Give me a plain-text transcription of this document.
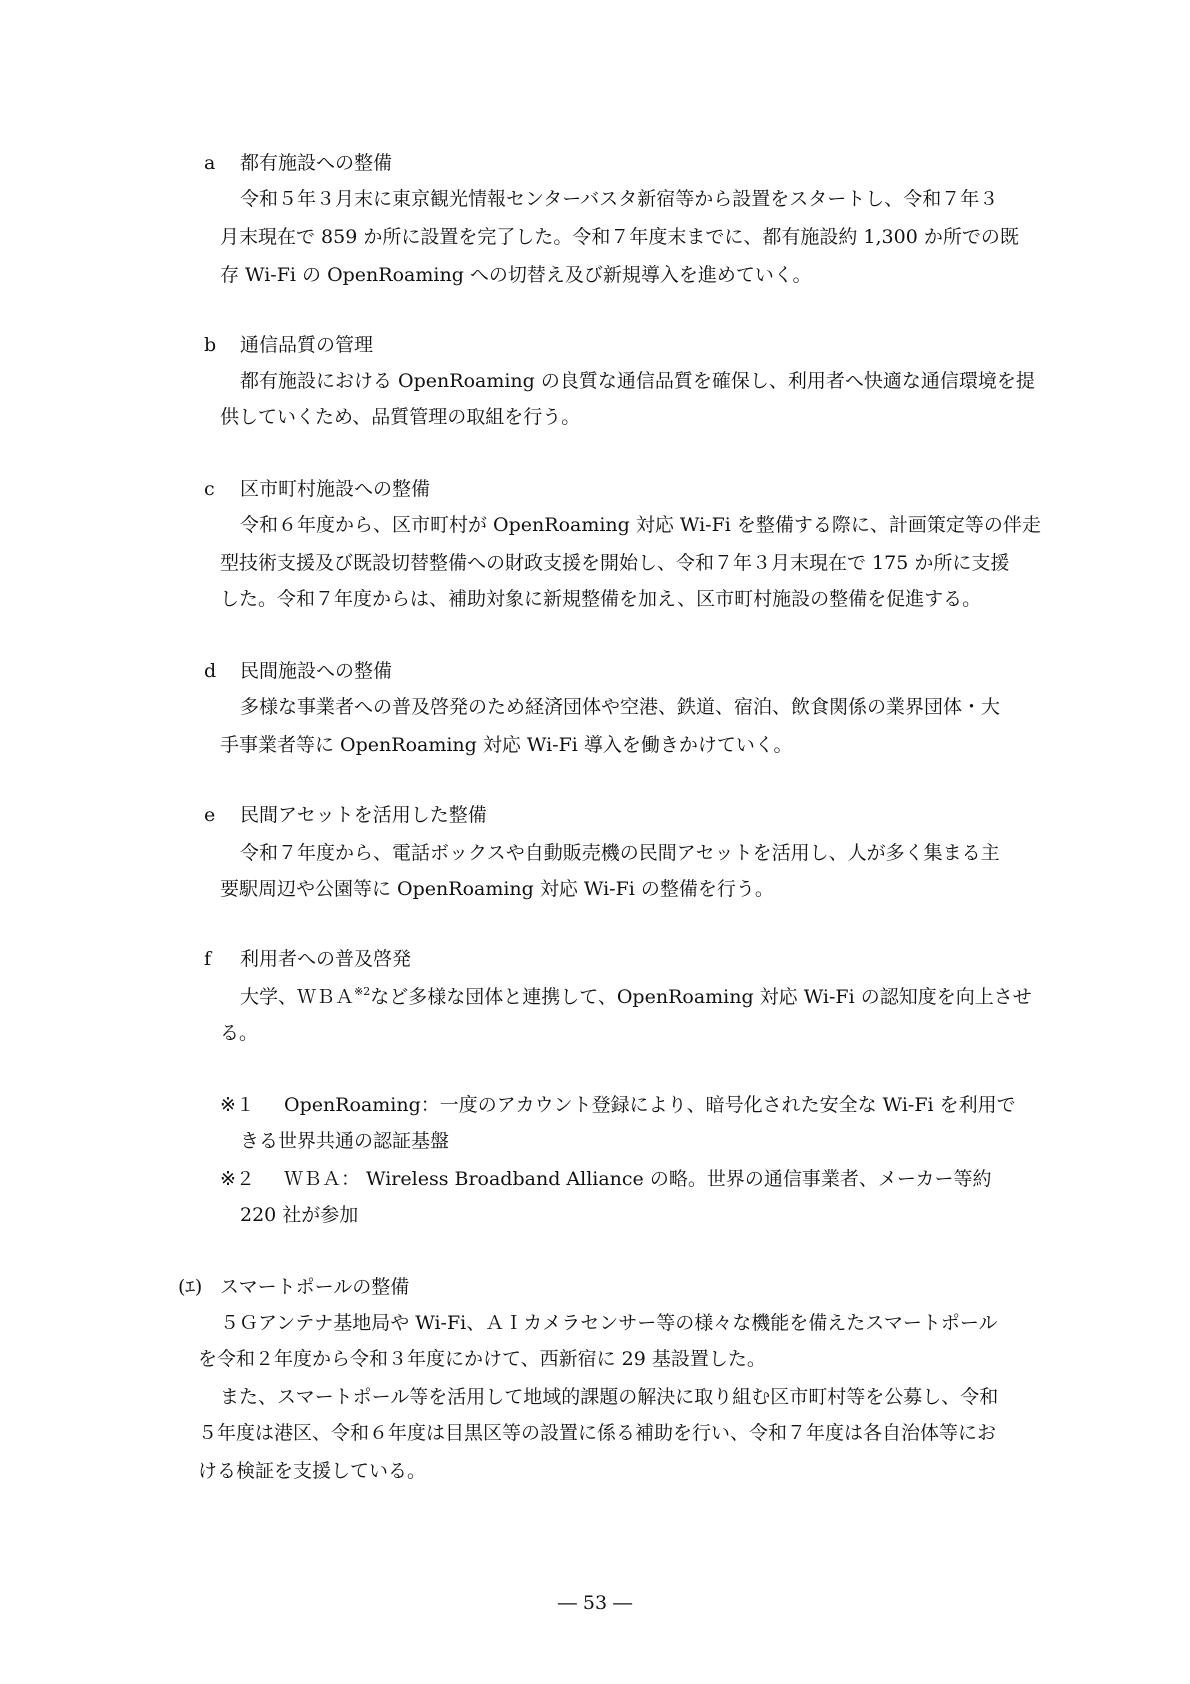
a 都有施設への整備

令和５年３月末に東京観光情報センターバスタ新宿等から設置をスタートし、令和７年３

月末現在で 859 か所に設置を完了した。令和７年度末までに、都有施設約 1,300 か所での既

存 Wi-Fi の OpenRoaming への切替え及び新規導入を進めていく。

b 通信品質の管理

都有施設における OpenRoaming の良質な通信品質を確保し、利用者へ快適な通信環境を提

供していくため、品質管理の取組を行う。

c 区市町村施設への整備

令和６年度から、区市町村が OpenRoaming 対応 Wi-Fi を整備する際に、計画策定等の伴走

型技術支援及び既設切替整備への財政支援を開始し、令和７年３月末現在で 175 か所に支援

した。令和７年度からは、補助対象に新規整備を加え、区市町村施設の整備を促進する。

d 民間施設への整備

多様な事業者への普及啓発のため経済団体や空港、鉄道、宿泊、飲食関係の業界団体・大

手事業者等に OpenRoaming 対応 Wi-Fi 導入を働きかけていく。

e 民間アセットを活用した整備

令和７年度から、電話ボックスや自動販売機の民間アセットを活用し、人が多く集まる主

要駅周辺や公園等に OpenRoaming 対応 Wi-Fi の整備を行う。

f 利用者への普及啓発

大学、ＷＢＡ$^{※2}$など多様な団体と連携して、OpenRoaming 対応 Wi-Fi の認知度を向上させ

る。

※１ OpenRoaming：一度のアカウント登録により、暗号化された安全な Wi-Fi を利用で

きる世界共通の認証基盤

※２ ＷＢＡ： Wireless Broadband Alliance の略。世界の通信事業者、メーカー等約

220 社が参加

(ｴ) スマートポールの整備

５Ｇアンテナ基地局や Wi-Fi、ＡＩカメラセンサー等の様々な機能を備えたスマートポール

を令和２年度から令和３年度にかけて、西新宿に 29 基設置した。

また、スマートポール等を活用して地域的課題の解決に取り組む区市町村等を公募し、令和

５年度は港区、令和６年度は目黒区等の設置に係る補助を行い、令和７年度は各自治体等にお

ける検証を支援している。

― 53 ―
